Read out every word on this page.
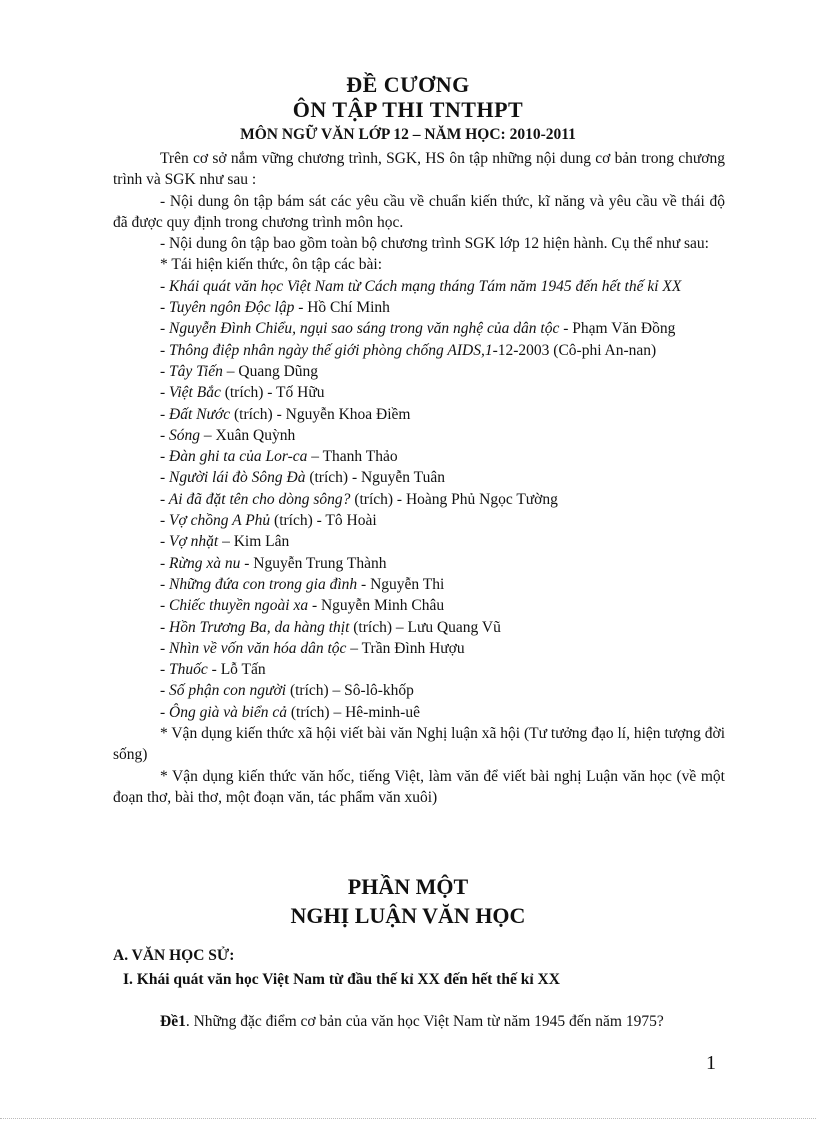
ĐỀ CƯƠNG
ÔN TẬP THI TNTHPT
MÔN NGỮ VĂN LỚP 12 – NĂM HỌC: 2010-2011

Trên cơ sở nắm vững chương trình, SGK, HS ôn tập những nội dung cơ bản trong chương trình và SGK như sau :

- Nội dung ôn tập bám sát các yêu cầu về chuẩn kiến thức, kĩ năng và yêu cầu về thái độ đã được quy định trong chương trình môn học.

- Nội dung ôn tập bao gồm toàn bộ chương trình SGK lớp 12 hiện hành. Cụ thể như sau:

* Tái hiện kiến thức, ôn tập các bài:

- Khái quát văn học Việt Nam từ Cách mạng tháng Tám năm 1945 đến hết thế kỉ XX

- Tuyên ngôn Độc lập - Hồ Chí Minh

- Nguyễn Đình Chiểu, ngụi sao sáng trong văn nghệ của dân tộc - Phạm Văn Đồng

- Thông điệp nhân ngày thế giới phòng chống AIDS,1-12-2003 (Cô-phi An-nan)

- Tây Tiến – Quang Dũng

- Việt Bắc (trích) - Tố Hữu

- Đất Nước (trích) - Nguyễn Khoa Điềm

- Sóng – Xuân Quỳnh

- Đàn ghi ta của Lor-ca – Thanh Thảo

- Người lái đò Sông Đà (trích) - Nguyễn Tuân

- Ai đã đặt tên cho dòng sông? (trích) - Hoàng Phủ Ngọc Tường

- Vợ chồng A Phủ (trích) - Tô Hoài

- Vợ nhặt – Kim Lân

- Rừng xà nu - Nguyễn Trung Thành

- Những đứa con trong gia đình - Nguyễn Thi

- Chiếc thuyền ngoài xa - Nguyễn Minh Châu

- Hồn Trương Ba, da hàng thịt (trích) – Lưu Quang Vũ

- Nhìn về vốn văn hóa dân tộc – Trần Đình Hượu

- Thuốc - Lỗ Tấn

- Số phận con người (trích) – Sô-lô-khốp

- Ông già và biển cả (trích) – Hê-minh-uê

* Vận dụng kiến thức xã hội viết bài văn Nghị luận xã hội (Tư tưởng đạo lí, hiện tượng đời sống)

* Vận dụng kiến thức văn hốc, tiếng Việt, làm văn để viết bài nghị Luận văn học (về một đoạn thơ, bài thơ, một đoạn văn, tác phẩm văn xuôi)

PHẦN MỘT
NGHỊ LUẬN VĂN HỌC
A. VĂN HỌC SỬ:
I. Khái quát văn học Việt Nam từ đầu thế kỉ XX đến hết thế kỉ XX

Đề1. Những đặc điểm cơ bản của văn học Việt Nam từ năm 1945 đến năm 1975?

1
